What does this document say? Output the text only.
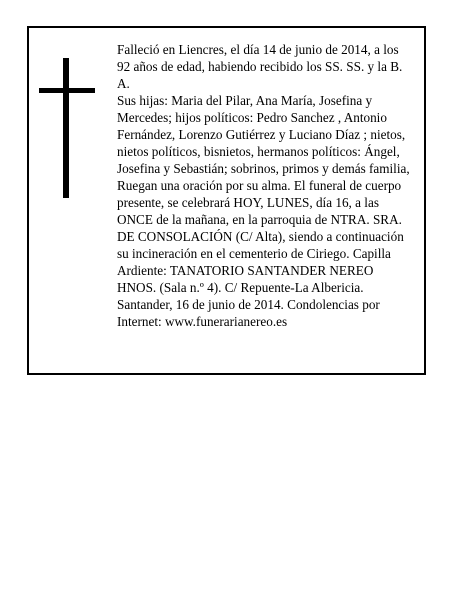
Falleció en Liencres, el día 14 de junio de 2014, a los 92 años de edad, habiendo recibido los SS. SS. y la B. A.

Sus hijas: Maria del Pilar, Ana María, Josefina y Mercedes; hijos políticos: Pedro Sanchez , Antonio Fernández, Lorenzo Gutiérrez y Luciano Díaz ; nietos, nietos políticos, bisnietos, hermanos políticos: Ángel, Josefina y Sebastián; sobrinos, primos y demás familia, Ruegan una oración por su alma. El funeral de cuerpo presente, se celebrará HOY, LUNES, día 16, a las ONCE de la mañana, en la parroquia de NTRA. SRA. DE CONSOLACIÓN (C/ Alta), siendo a continuación su incineración en el cementerio de Ciriego. Capilla Ardiente: TANATORIO SANTANDER NEREO HNOS. (Sala n.º 4). C/ Repuente-La Albericia. Santander, 16 de junio de 2014. Condolencias por Internet: www.funerarianereo.es
